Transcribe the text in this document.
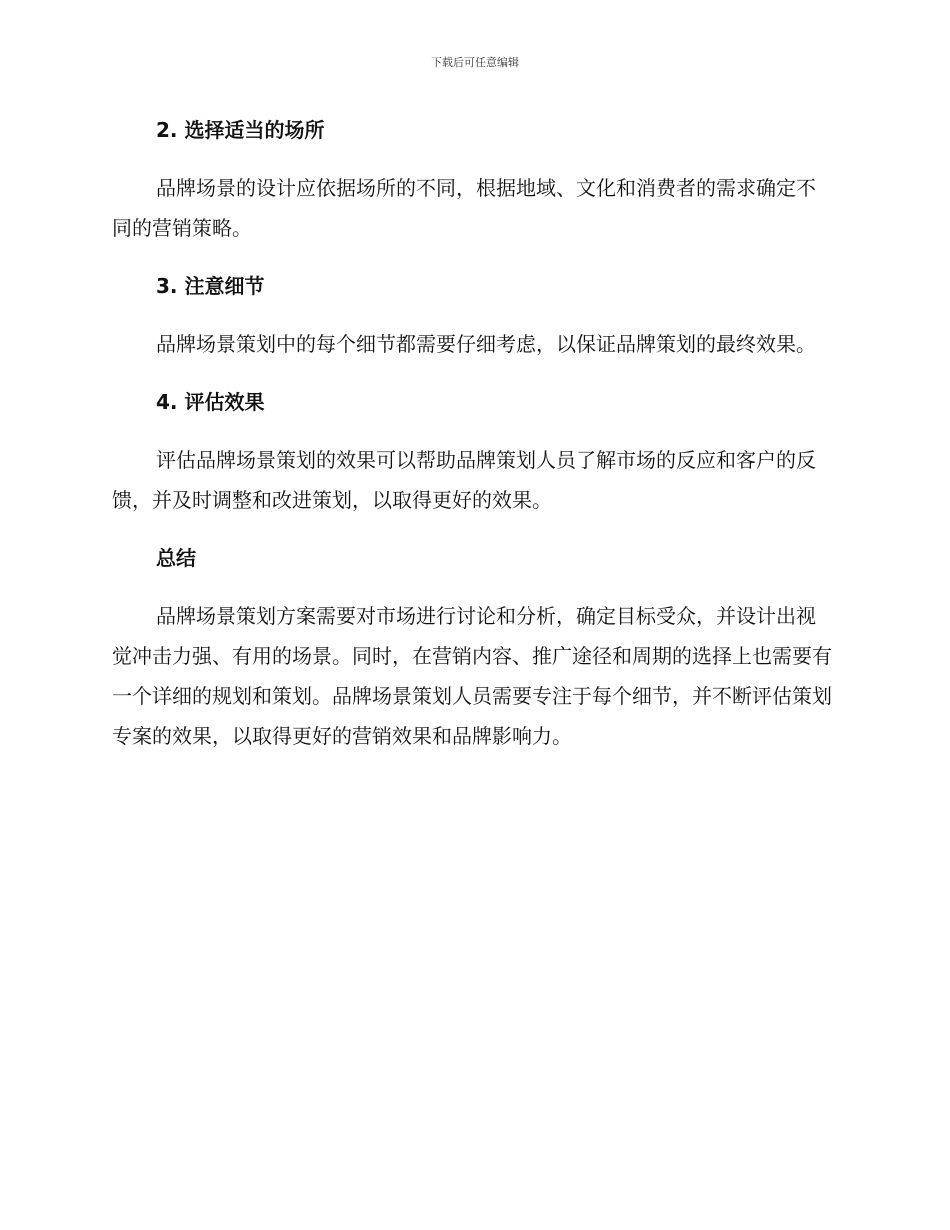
下载后可任意编辑
2. 选择适当的场所

品牌场景的设计应依据场所的不同，根据地域、文化和消费者的需求确定不同的营销策略。

3. 注意细节

品牌场景策划中的每个细节都需要仔细考虑，以保证品牌策划的最终效果。

4. 评估效果

评估品牌场景策划的效果可以帮助品牌策划人员了解市场的反应和客户的反馈，并及时调整和改进策划，以取得更好的效果。

总结

品牌场景策划方案需要对市场进行讨论和分析，确定目标受众，并设计出视觉冲击力强、有用的场景。同时，在营销内容、推广途径和周期的选择上也需要有一个详细的规划和策划。品牌场景策划人员需要专注于每个细节，并不断评估策划专案的效果，以取得更好的营销效果和品牌影响力。
